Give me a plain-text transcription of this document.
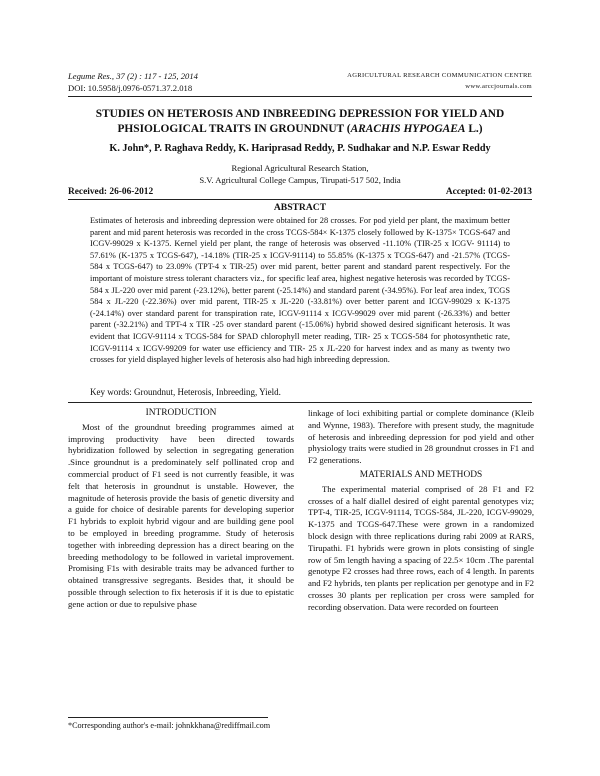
Legume Res., 37 (2) : 117 - 125, 2014
DOI: 10.5958/j.0976-0571.37.2.018
AGRICULTURAL RESEARCH COMMUNICATION CENTRE
www.arccjournals.com
STUDIES ON HETEROSIS AND INBREEDING DEPRESSION FOR YIELD AND
PHSIOLOGICAL TRAITS IN GROUNDNUT (ARACHIS HYPOGAEA L.)
K. John*, P. Raghava Reddy, K. Hariprasad Reddy, P. Sudhakar and N.P. Eswar Reddy
Regional Agricultural Research Station,
S.V. Agricultural College Campus, Tirupati-517 502, India
Received: 26-06-2012	Accepted: 01-02-2013
ABSTRACT
Estimates of heterosis and inbreeding depression were obtained for 28 crosses. For pod yield per plant, the maximum better parent and mid parent heterosis was recorded in the cross TCGS-584× K-1375 closely followed by K-1375× TCGS-647 and ICGV-99029 x K-1375. Kernel yield per plant, the range of heterosis was observed -11.10% (TIR-25 x ICGV- 91114) to 57.61% (K-1375 x TCGS-647), -14.18% (TIR-25 x ICGV-91114) to 55.85% (K-1375 x TCGS-647) and -21.57% (TCGS-584 x TCGS-647) to 23.09% (TPT-4 x TIR-25) over mid parent, better parent and standard parent respectively. For the important of moisture stress tolerant characters viz., for specific leaf area, highest negative heterosis was recorded by TCGS-584 x JL-220 over mid parent (-23.12%), better parent (-25.14%) and standard parent (-34.95%). For leaf area index, TCGS 584 x JL-220 (-22.36%) over mid parent, TIR-25 x JL-220 (-33.81%) over better parent and ICGV-99029 x K-1375 (-24.14%) over standard parent for transpiration rate, ICGV-91114 x ICGV-99029 over mid parent (-26.33%) and better parent (-32.21%) and TPT-4 x TIR -25 over standard parent (-15.06%) hybrid showed desired significant heterosis. It was evident that ICGV-91114 x TCGS-584 for SPAD chlorophyll meter reading, TIR- 25 x TCGS-584 for photosynthetic rate, ICGV-91114 x ICGV-99209 for water use efficiency and TIR- 25 x JL-220 for harvest index and as many as twenty two crosses for yield displayed higher levels of heterosis also had high inbreeding depression.
Key words: Groundnut, Heterosis, Inbreeding, Yield.
INTRODUCTION

Most of the groundnut breeding programmes aimed at improving productivity have been directed towards hybridization followed by selection in segregating generation .Since groundnut is a predominately self pollinated crop and commercial product of F1 seed is not currently feasible, it was felt that heterosis in groundnut is unstable. However, the magnitude of heterosis provide the basis of genetic diversity and a guide for choice of desirable parents for developing superior F1 hybrids to exploit hybrid vigour and are building gene pool to be employed in breeding programme. Study of heterosis together with inbreeding depression has a direct bearing on the breeding methodology to be followed in varietal improvement. Promising F1s with desirable traits may be advanced further to obtained transgressive segregants. Besides that, it should be possible through selection to fix heterosis if it is due to epistatic gene action or due to repulsive phase

linkage of loci exhibiting partial or complete dominance (Kleib and Wynne, 1983). Therefore with present study, the magnitude of heterosis and inbreeding depression for pod yield and other physiology traits were studied in 28 groundnut crosses in F1 and F2 generations.

MATERIALS AND METHODS

The experimental material comprised of 28 F1 and F2 crosses of a half diallel desired of eight parental genotypes viz; TPT-4, TIR-25, ICGV-91114, TCGS-584, JL-220, ICGV-99029, K-1375 and TCGS-647.These were grown in a randomized block design with three replications during rabi 2009 at RARS, Tirupathi. F1 hybrids were grown in plots consisting of single row of 5m length having a spacing of 22.5× 10cm .The parental genotype F2 crosses had three rows, each of 4 length. In parents and F2 hybrids, ten plants per replication per genotype and in F2 crosses 30 plants per replication per cross were sampled for recording observation. Data were recorded on fourteen

*Corresponding author's e-mail: johnkkhana@rediffmail.com
